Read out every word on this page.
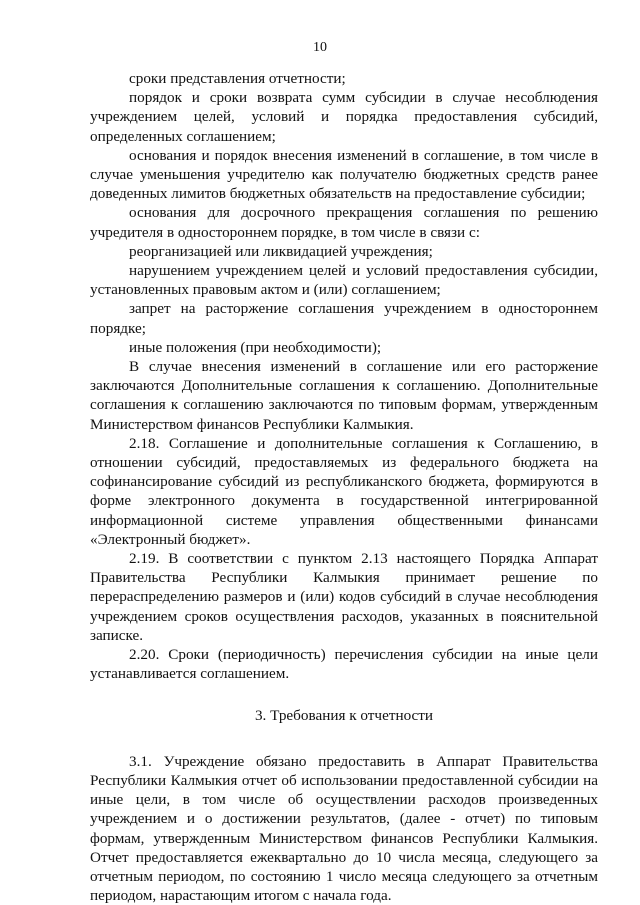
10

сроки представления отчетности;

порядок и сроки возврата сумм субсидии в случае несоблюдения учреждением целей, условий и порядка предоставления субсидий, определенных соглашением;

основания и порядок внесения изменений в соглашение, в том числе в случае уменьшения учредителю как получателю бюджетных средств ранее доведенных лимитов бюджетных обязательств на предоставление субсидии;

основания для досрочного прекращения соглашения по решению учредителя в одностороннем порядке, в том числе в связи с:

реорганизацией или ликвидацией учреждения;

нарушением учреждением целей и условий предоставления субсидии, установленных правовым актом и (или) соглашением;

запрет на расторжение соглашения учреждением в одностороннем порядке;

иные положения (при необходимости);

В случае внесения изменений в соглашение или его расторжение заключаются Дополнительные соглашения к соглашению. Дополнительные соглашения к соглашению заключаются по типовым формам, утвержденным Министерством финансов Республики Калмыкия.

2.18. Соглашение и дополнительные соглашения к Соглашению, в отношении субсидий, предоставляемых из федерального бюджета на софинансирование субсидий из республиканского бюджета, формируются в форме электронного документа в государственной интегрированной информационной системе управления общественными финансами «Электронный бюджет».

2.19. В соответствии с пунктом 2.13 настоящего Порядка Аппарат Правительства Республики Калмыкия принимает решение по перераспределению размеров и (или) кодов субсидий в случае несоблюдения учреждением сроков осуществления расходов, указанных в пояснительной записке.

2.20. Сроки (периодичность) перечисления субсидии на иные цели устанавливается соглашением.

3. Требования к отчетности

3.1. Учреждение обязано предоставить в Аппарат Правительства Республики Калмыкия отчет об использовании предоставленной субсидии на иные цели, в том числе об осуществлении расходов произведенных учреждением и о достижении результатов, (далее - отчет) по типовым формам, утвержденным Министерством финансов Республики Калмыкия. Отчет предоставляется ежеквартально до 10 числа месяца, следующего за отчетным периодом, по состоянию 1 число месяца следующего за отчетным периодом, нарастающим итогом с начала года.
